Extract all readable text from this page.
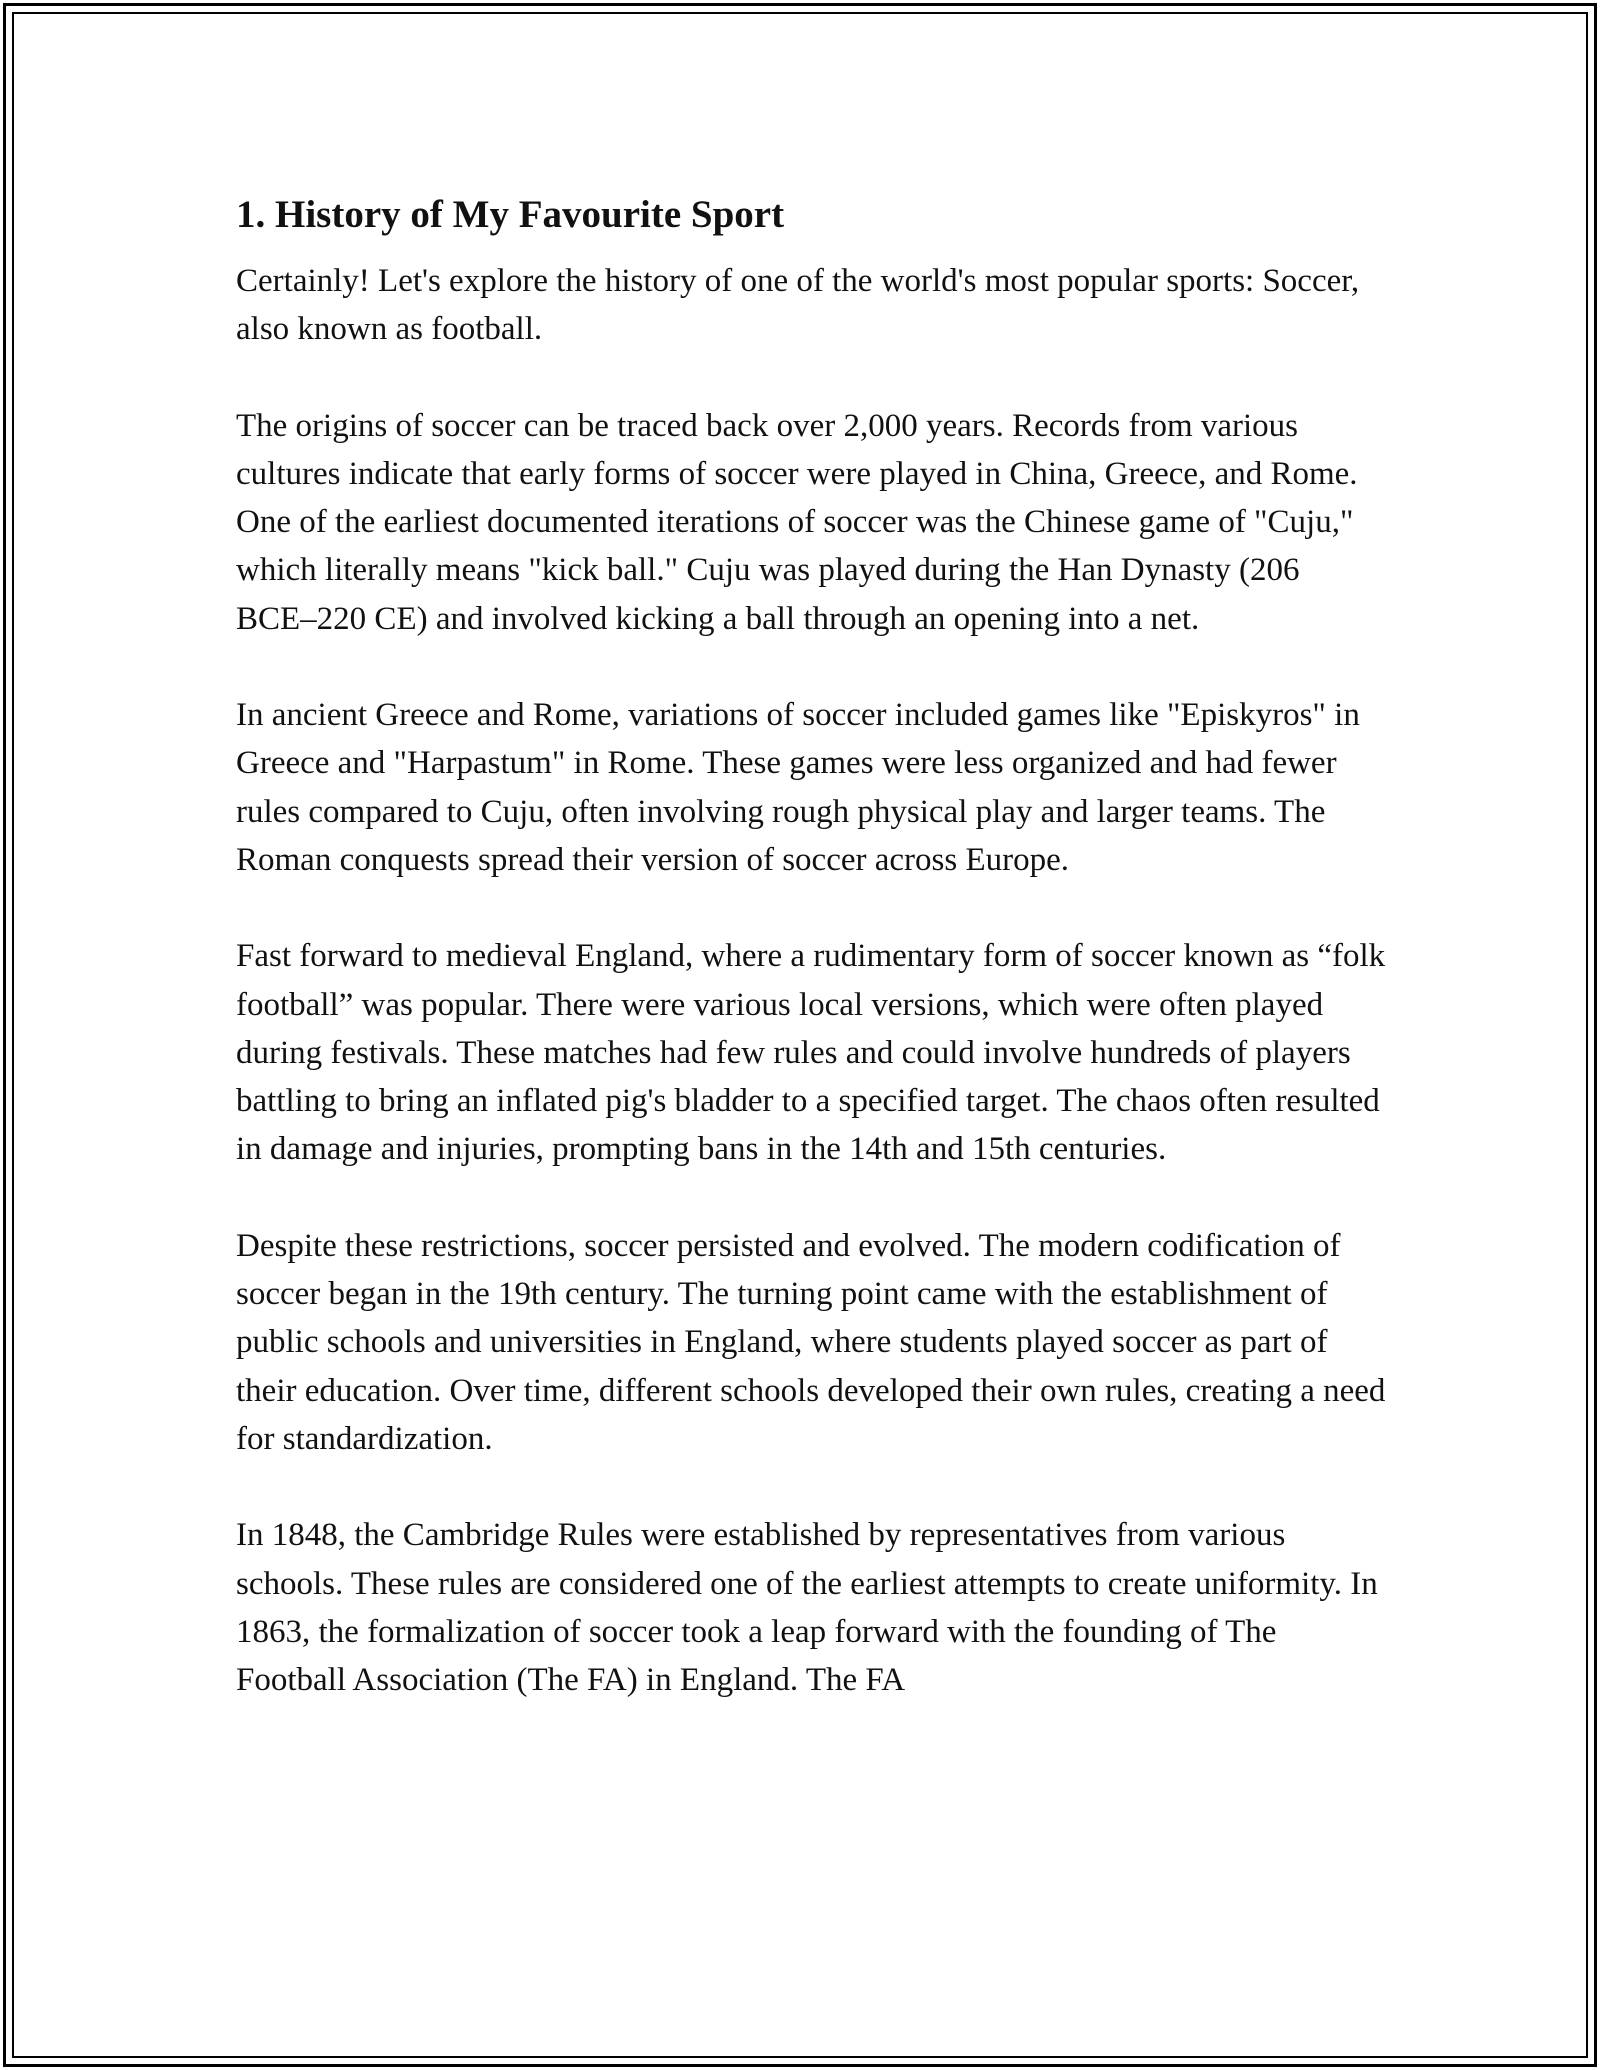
1. History of My Favourite Sport

Certainly! Let's explore the history of one of the world's most popular sports: Soccer, also known as football.

The origins of soccer can be traced back over 2,000 years. Records from various cultures indicate that early forms of soccer were played in China, Greece, and Rome. One of the earliest documented iterations of soccer was the Chinese game of "Cuju," which literally means "kick ball." Cuju was played during the Han Dynasty (206 BCE–220 CE) and involved kicking a ball through an opening into a net.

In ancient Greece and Rome, variations of soccer included games like "Episkyros" in Greece and "Harpastum" in Rome. These games were less organized and had fewer rules compared to Cuju, often involving rough physical play and larger teams. The Roman conquests spread their version of soccer across Europe.

Fast forward to medieval England, where a rudimentary form of soccer known as “folk football” was popular. There were various local versions, which were often played during festivals. These matches had few rules and could involve hundreds of players battling to bring an inflated pig's bladder to a specified target. The chaos often resulted in damage and injuries, prompting bans in the 14th and 15th centuries.

Despite these restrictions, soccer persisted and evolved. The modern codification of soccer began in the 19th century. The turning point came with the establishment of public schools and universities in England, where students played soccer as part of their education. Over time, different schools developed their own rules, creating a need for standardization.

In 1848, the Cambridge Rules were established by representatives from various schools. These rules are considered one of the earliest attempts to create uniformity. In 1863, the formalization of soccer took a leap forward with the founding of The Football Association (The FA) in England. The FA
